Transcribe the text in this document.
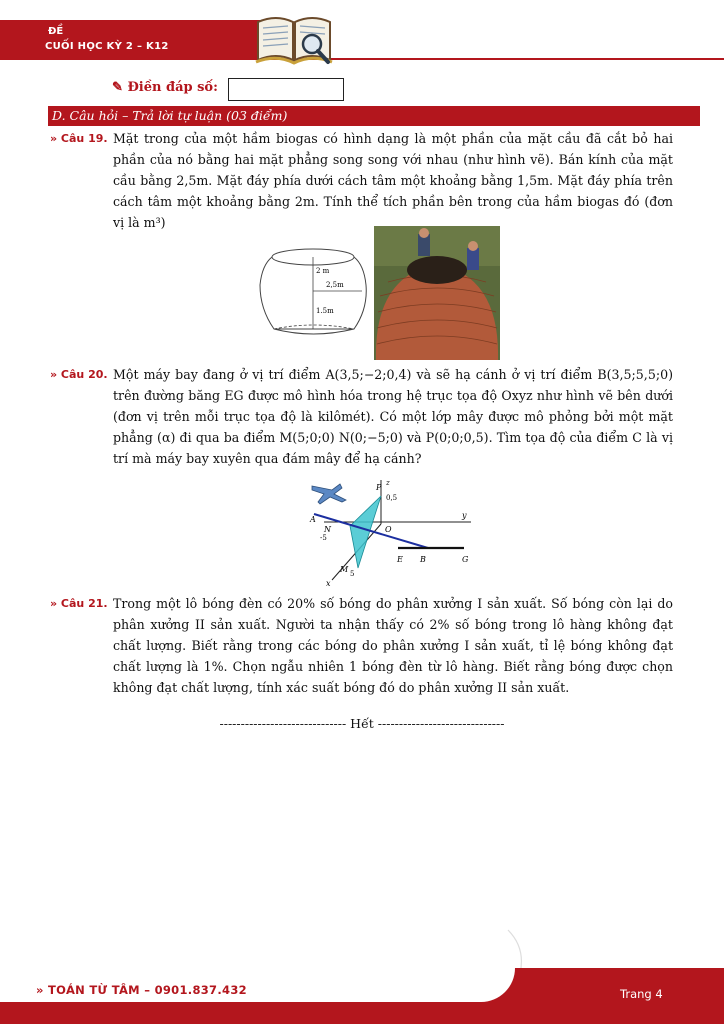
ĐỀ
CUỐI HỌC KỲ 2 – K12
✎ Điền đáp số:
D. Câu hỏi – Trả lời tự luận (03 điểm)
» Câu 19. Mặt trong của một hầm biogas có hình dạng là một phần của mặt cầu đã cắt bỏ hai phần của nó bằng hai mặt phẳng song song với nhau (như hình vẽ). Bán kính của mặt cầu bằng 2,5m. Mặt đáy phía dưới cách tâm một khoảng bằng 1,5m. Mặt đáy phía trên cách tâm một khoảng bằng 2m. Tính thể tích phần bên trong của hầm biogas đó (đơn vị là m³)

2 m
2,5m
1.5m
» Câu 20. Một máy bay đang ở vị trí điểm A(3,5;−2;0,4) và sẽ hạ cánh ở vị trí điểm B(3,5;5,5;0) trên đường băng EG được mô hình hóa trong hệ trục tọa độ Oxyz như hình vẽ bên dưới (đơn vị trên mỗi trục tọa độ là kilômét). Có một lớp mây được mô phỏng bởi một mặt phẳng (α) đi qua ba điểm M(5;0;0) N(0;−5;0) và P(0;0;0,5). Tìm tọa độ của điểm C là vị trí mà máy bay xuyên qua đám mây để hạ cánh?

P
0,5
z
A
N	O
y
-5
E B	G
M 5
x
» Câu 21. Trong một lô bóng đèn có 20% số bóng do phân xưởng I sản xuất. Số bóng còn lại do phân xưởng II sản xuất. Người ta nhận thấy có 2% số bóng trong lô hàng không đạt chất lượng. Biết rằng trong các bóng do phân xưởng I sản xuất, tỉ lệ bóng không đạt chất lượng là 1%. Chọn ngẫu nhiên 1 bóng đèn từ lô hàng. Biết rằng bóng được chọn không đạt chất lượng, tính xác suất bóng đó do phân xưởng II sản xuất.

------------------------------ Hết ------------------------------
» TOÁN TỪ TÂM – 0901.837.432	Trang 4
